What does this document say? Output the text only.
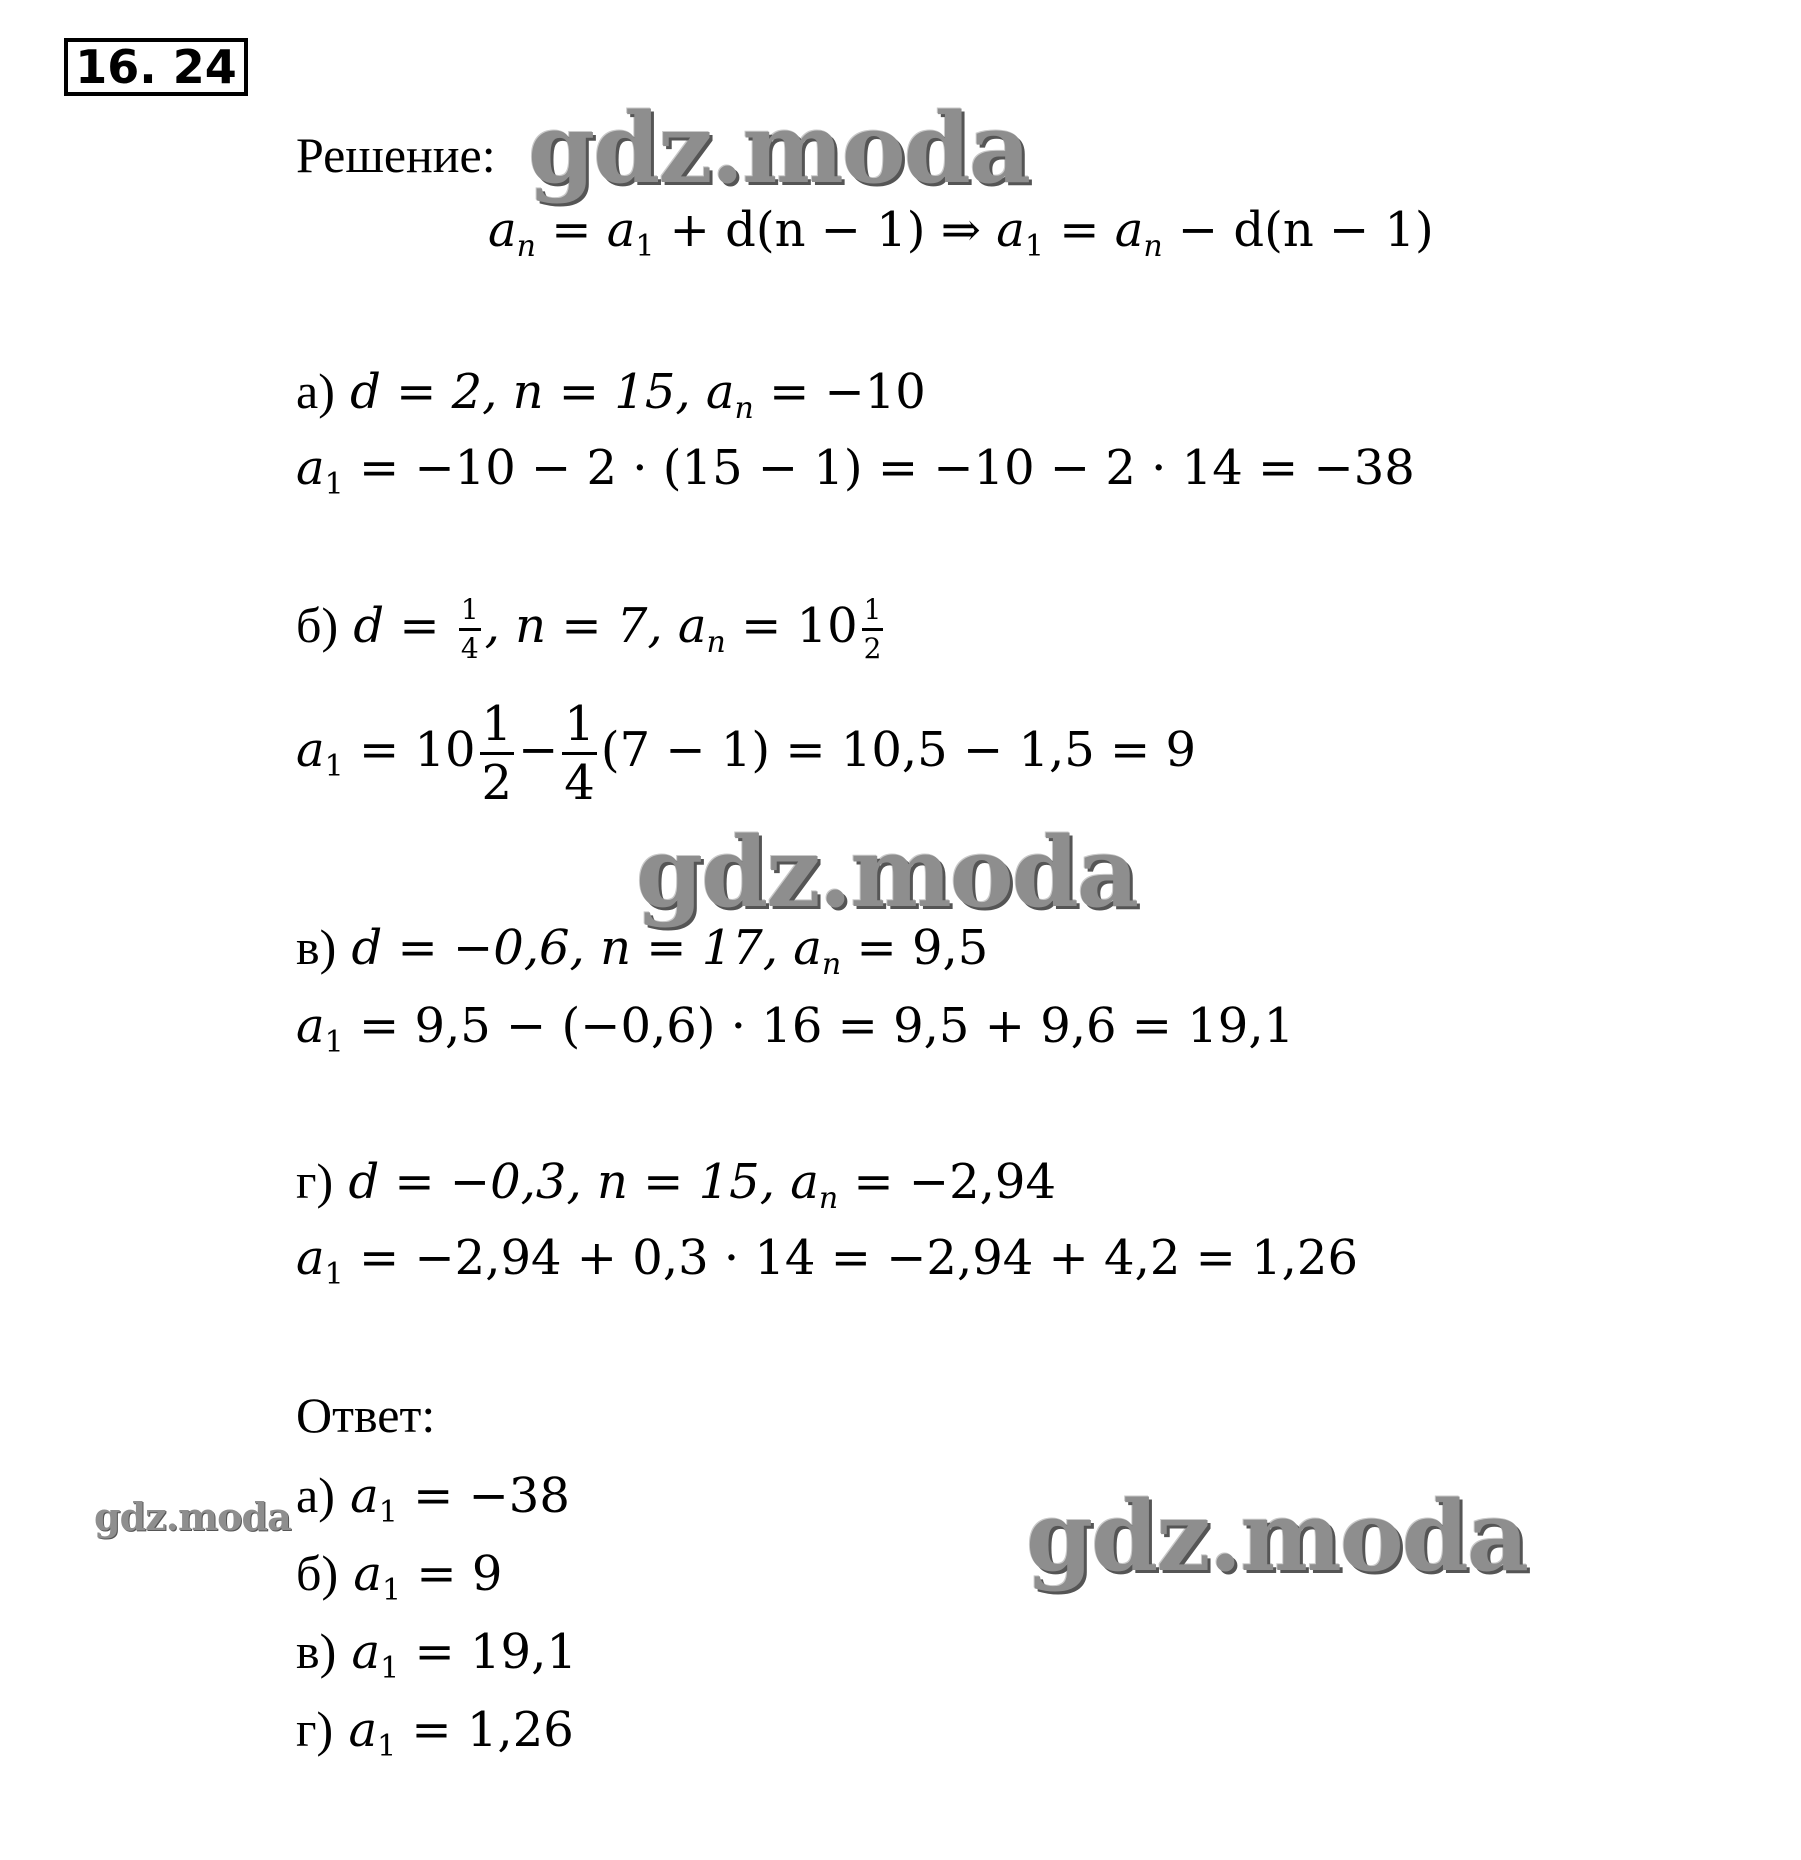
16. 24
Решение: gdz.moda
$a_n = a_1 + d(n - 1)$ ⇒ $a_1 = a_n - d(n - 1)$
а) d = 2, n = 15, $a_n = -10$
$a_1 = -10 - 2 \cdot (15 - 1) = -10 - 2 \cdot 14 = -38$
б) $d = \frac{1}{4}$ , n = 7, $a_n = 10 \frac{1}{2}$
$a_1 = 10 \frac{1}{2} - \frac{1}{4} (7 - 1) = 10,5 - 1,5 = 9$
gdz.moda
в) d = −0,6, n = 17, $a_n = 9,5$
$a_1 = 9,5 - (-0,6) \cdot 16 = 9,5 + 9,6 = 19,1$
г) d = −0,3, n = 15, $a_n = -2,94$
$a_1 = -2,94 + 0,3 \cdot 14 = -2,94 + 4,2 = 1,26$
Ответ:
gdz.moda а) $a_1 = -38$
б) $a_1 = 9$
в) $a_1 = 19,1$
г) $a_1 = 1,26$
gdz.moda
